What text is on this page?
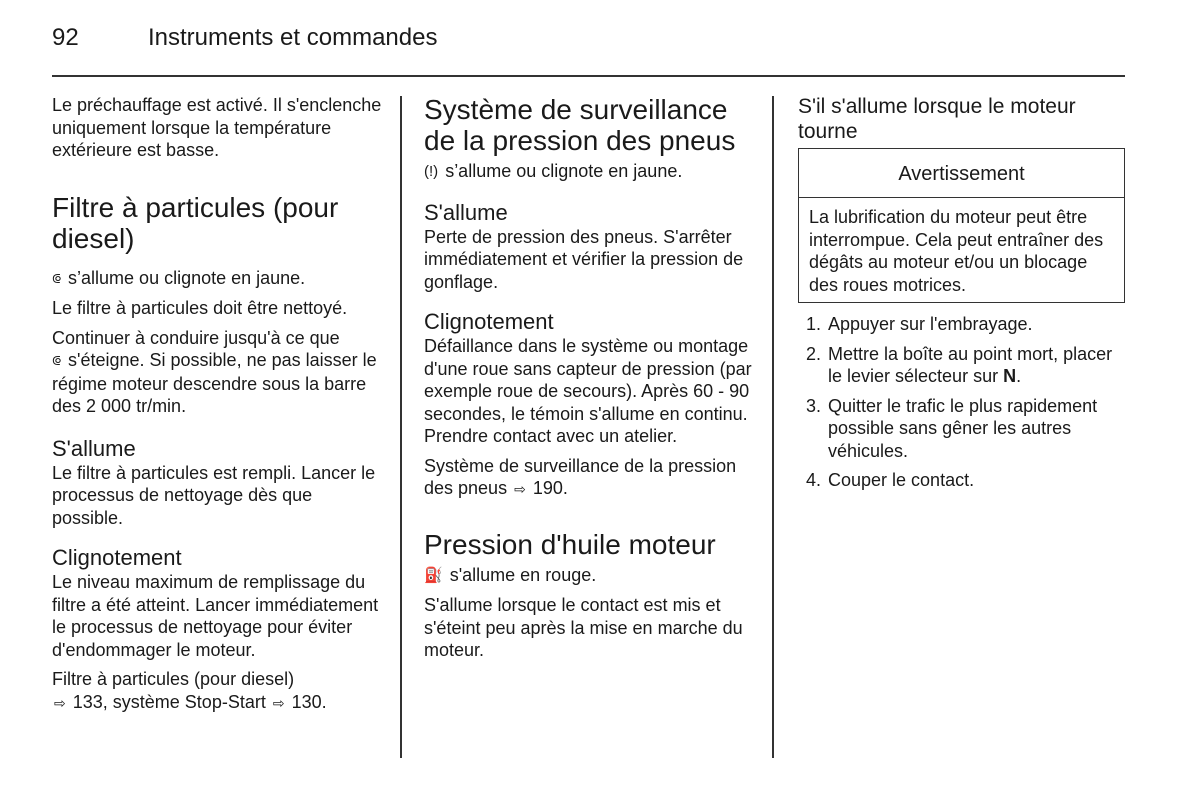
92	Instruments et commandes

Le préchauffage est activé. Il s'enclenche uniquement lorsque la température extérieure est basse.

Filtre à particules (pour diesel)

⟃ s’allume ou clignote en jaune.

Le filtre à particules doit être nettoyé.

Continuer à conduire jusqu'à ce que
⟃ s'éteigne. Si possible, ne pas laisser le régime moteur descendre sous la barre des 2 000 tr/min.

S'allume

Le filtre à particules est rempli. Lancer le processus de nettoyage dès que possible.

Clignotement

Le niveau maximum de remplissage du filtre a été atteint. Lancer immédiatement le processus de nettoyage pour éviter d'endommager le moteur.

Filtre à particules (pour diesel)
⇨ 133, système Stop-Start ⇨ 130.

Système de surveillance de la pression des pneus

(!) s’allume ou clignote en jaune.

S'allume

Perte de pression des pneus. S'arrêter immédiatement et vérifier la pression de gonflage.

Clignotement

Défaillance dans le système ou montage d'une roue sans capteur de pression (par exemple roue de secours). Après 60 - 90 secondes, le témoin s'allume en continu. Prendre contact avec un atelier.

Système de surveillance de la pression des pneus ⇨ 190.

Pression d'huile moteur

⛽ s'allume en rouge.

S'allume lorsque le contact est mis et s'éteint peu après la mise en marche du moteur.

S'il s'allume lorsque le moteur tourne
Avertissement
La lubrification du moteur peut être interrompue. Cela peut entraîner des dégâts au moteur et/ou un blocage des roues motrices.
1. Appuyer sur l'embrayage.
2. Mettre la boîte au point mort, placer le levier sélecteur sur N.
3. Quitter le trafic le plus rapidement possible sans gêner les autres véhicules.
4. Couper le contact.
